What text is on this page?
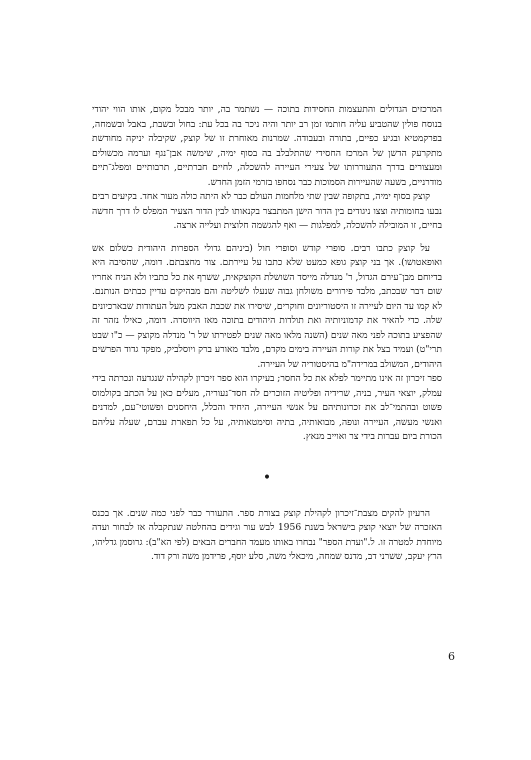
המרכזים הגדולים והתעצמות החסידות בתוכה — נשתמר בה, יותר מבכל מקום, אותו הווי יהודי בנוסח פולין שהטביע עליה חותמו זמן רב יותר והיה ניכר בה בכל עת: בחול ובשבת, באבל ובשמחה, בפרקמטיא ובגיע כפיים, בתורה ובעבודה. שמרנות מאוחרת זו של קוצק, שקיבלה יניקה מחודשת מתקרעק הדשן של המרכז החסידי שהתלבלב בה בסוף ימיה, שימשה אבן־נגף וערמה מכשולים ומעצורים בדרך התעוררותו של צעירי העיירה להשכלה, לחיים חברתיים, תרבותיים ומפלג־תיים מודרניים, בשעה שהעיירות הסמוכות כבר נסחפו בזרמי הזמן החדש.

קוצק בסוף ימיה, בתקופה שבין שתי מלחמות העולם כבר לא היתה כולה מעור אחד. בקיעים רבים נבעו בחומותיה וצצו ניגודים בין הדור הישן המתבצר בקנאותו לבין הדור הצעיר המפלס לו דרך חדשה בחיים, זו המובילה להשכלה, למפלגות — ואף להגשמה חלוצית ועלייה ארצה.

על קוצק כתבו רבים. סופרי קודש וסופרי חול (ביניהם גדולי הספרות היהודית כשלום אש ואופאטושו). אך בני קוצק גופא כמעט שלא כתבו על עיירתם. צור מחצבתם. דומה, שהסיבה היא בדיוחם מבן־עירם הגדול, ר' מנדלה מייסד השושלת הקוצקאית, ששרף את כל כתביו ולא הניח אחריו שום דבר שבכתב, מלבד פירורים משולחן גבוה שנעלו לשליטה והם מבהיקים עדיין כבתים הנותנם. לא קמו עד היום לעיירה זו היסטוריונים וחוקרים, שיסירו את שכבת האבק מעל העתודות שבארכיונים שלה. כדי להאיר את קדמוניותיה ואת תולדות היהודים בתוכה מאז היווסדה. דומה, כאילו נזהר זה שהפציע בתוכה לפני מאה שנים (השנה מלאו מאה שנים לפטירתו של ר' מנדלה מקוצק — כ"ו שבט תרי"ט) ועמיד בצל את קורות העיירה בימים מקדם, מלבד מאורע ברק ויוסלביק, מפקד גדוד הפרשים היהודים, המשולב במרידה"מ בהיסטוריה של העיירה.

ספר זיכרון זה אינו מתיימר לפלא את כל החסר; בעיקרו הוא ספר זיכרון לקהילה שנגדעה ונכרתה בידי עמלק, יוצאי העיר, בניה, שרידיה ופליטיה הזוכרים לה חסד־נעוריה, מעלים כאן על הכתב בקולמוס פשוט ובהתמי־לב את זכרונותיהם על אנשי העיירה, היחיד והכלל, היחסנים ופשוטי־עם, למדנים ואנשי מעשה, העיירה ונופה, מבואותיה, בתיה וסימטאותיה, על כל תפארת עברם, שעלה עליהם הכורת ביום עברות בידי צר ואוייב מנאץ.

•

הרעיון להקים מצבת־זיכרון לקהילת קוצק בצורת ספר. התעורר כבר לפני כמה שנים. אך בכנס האזכרה של יוצאי קוצק בישראל בשנת 1956 לבש עור וגידים בהחלטה שנתקבלה אז לבחור ועדה מיוחדת למטרה זו. ל."ועדת הספר" נבחרו באותו מעמד החברים הבאים (לפי הא"ב): גרוסמן גדליהו, הרץ יעקב, ששרני דב, מדנס שמחה, מיכאלי משה, סלע יוסף, פרידמן משה ורק דוד.

6
